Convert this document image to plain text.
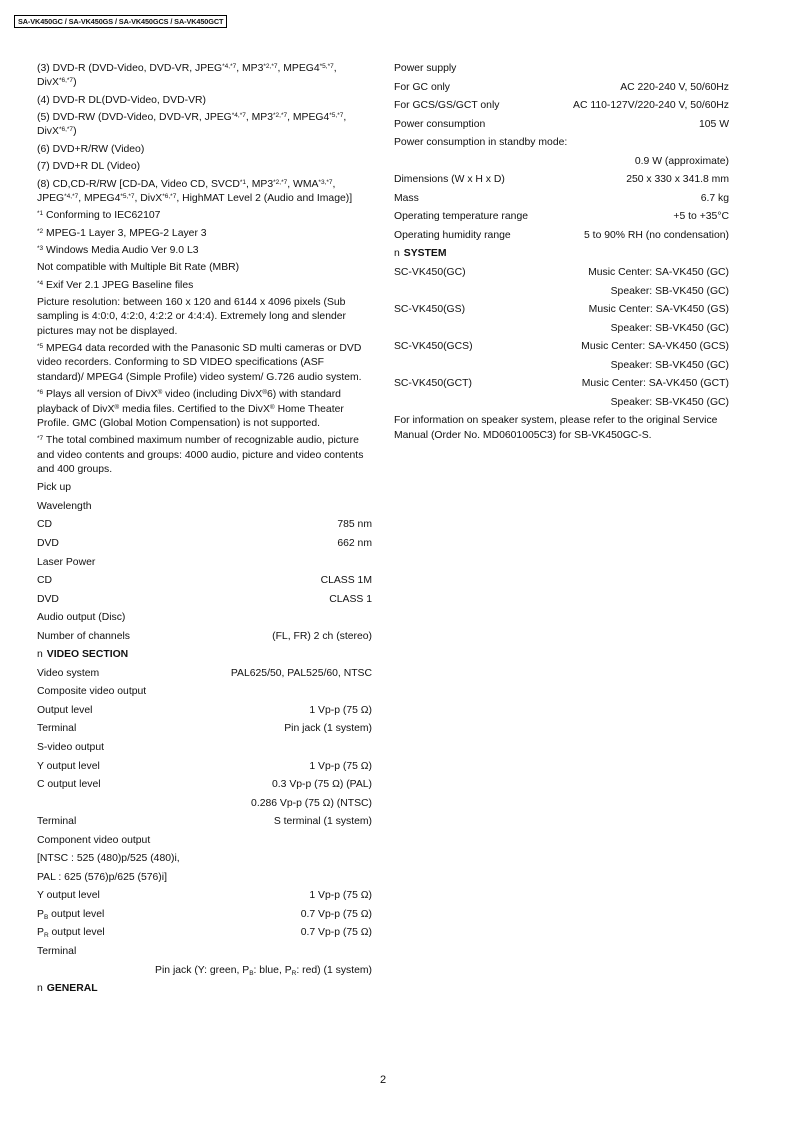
SA-VK450GC / SA-VK450GS / SA-VK450GCS / SA-VK450GCT
(3) DVD-R (DVD-Video, DVD-VR, $JPEG^{*4,*7}$, $MP3^{*2,*7}$, $MPEG4^{*5,*7}$,
DivX$^{*6,*7}$)
(4) DVD-R DL(DVD-Video, DVD-VR)
(5) DVD-RW (DVD-Video, DVD-VR, $JPEG^{*4,*7}$, $MP3^{*2,*7}$, $MPEG4^{*5,*7}$,
DivX$^{*6,*7}$)
(6) DVD+R/RW (Video)
(7) DVD+R DL (Video)
(8) CD,CD-R/RW [CD-DA, Video CD, SVCD$^{*1}$, $MP3^{*2,*7}$, $WMA^{*3,*7}$,
$JPEG^{*4,*7}$, $MPEG4^{*5,*7}$, DivX$^{*6,*7}$, HighMAT Level 2 (Audio and Image)]
$^{*1}$ Conforming to IEC62107
$^{*2}$ MPEG-1 Layer 3, MPEG-2 Layer 3
$^{*3}$ Windows Media Audio Ver 9.0 L3
Not compatible with Multiple Bit Rate (MBR)
$^{*4}$ Exif Ver 2.1 JPEG Baseline files
Picture resolution: between 160 x 120 and 6144 x 4096 pixels (Sub sampling is 4:0:0, 4:2:0, 4:2:2 or 4:4:4). Extremely long and slender pictures may not be displayed.
$^{*5}$ MPEG4 data recorded with the Panasonic SD multi cameras or DVD video recorders. Conforming to SD VIDEO specifications (ASF standard)/ MPEG4 (Simple Profile) video system/ G.726 audio system.
$^{*6}$ Plays all version of DivX® video (including DivX®6) with standard playback of DivX® media files. Certified to the DivX® Home Theater Profile. GMC (Global Motion Compensation) is not supported.
$^{*7}$ The total combined maximum number of recognizable audio, picture and video contents and groups: 4000 audio, picture and video contents and 400 groups.
Pick up
Wavelength
CD	785 nm
DVD	662 nm
Laser Power
CD	CLASS 1M
DVD	CLASS 1
Audio output (Disc)
Number of channels	(FL, FR) 2 ch (stereo)
n VIDEO SECTION
Video system	PAL625/50, PAL525/60, NTSC
Composite video output
Output level	1 Vp-p (75 Ω)
Terminal	Pin jack (1 system)
S-video output
Y output level	1 Vp-p (75 Ω)
C output level	0.3 Vp-p (75 Ω) (PAL)
0.286 Vp-p (75 Ω) (NTSC)
Terminal	S terminal (1 system)
Component video output
[NTSC : 525 (480)p/525 (480)i,
PAL : 625 (576)p/625 (576)i]
Y output level	1 Vp-p (75 Ω)
$P_B$ output level	0.7 Vp-p (75 Ω)
$P_R$ output level	0.7 Vp-p (75 Ω)
Terminal
Pin jack (Y: green, $P_B$: blue, $P_R$: red) (1 system)
n GENERAL
Power supply
For GC only	AC 220-240 V, 50/60Hz
For GCS/GS/GCT only	AC 110-127V/220-240 V, 50/60Hz
Power consumption	105 W
Power consumption in standby mode:
0.9 W (approximate)
Dimensions (W x H x D)	250 x 330 x 341.8 mm
Mass	6.7 kg
Operating temperature range	+5 to +35°C
Operating humidity range	5 to 90% RH (no condensation)
n SYSTEM
SC-VK450(GC)	Music Center: SA-VK450 (GC)
Speaker: SB-VK450 (GC)
SC-VK450(GS)	Music Center: SA-VK450 (GS)
Speaker: SB-VK450 (GC)
SC-VK450(GCS)	Music Center: SA-VK450 (GCS)
Speaker: SB-VK450 (GC)
SC-VK450(GCT)	Music Center: SA-VK450 (GCT)
Speaker: SB-VK450 (GC)
For information on speaker system, please refer to the original Service Manual (Order No. MD0601005C3) for SB-VK450GC-S.
2
